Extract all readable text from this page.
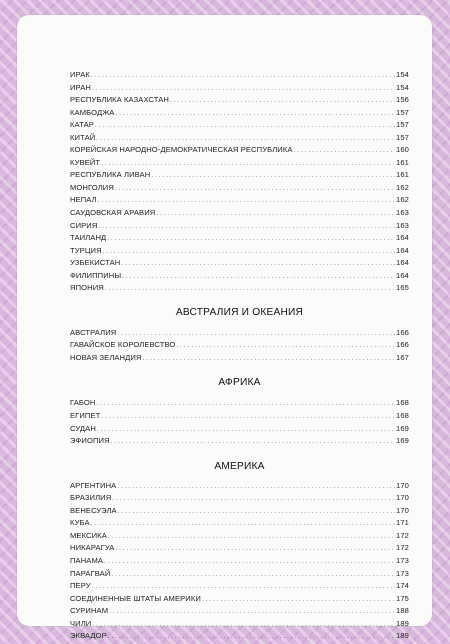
ИРАК . . .	154
ИРАН . . .	154
РЕСПУБЛИКА КАЗАХСТАН . . .	156
КАМБОДЖА . . .	157
КАТАР . . .	157
КИТАЙ . . .	157
КОРЕЙСКАЯ НАРОДНО-ДЕМОКРАТИЧЕСКАЯ РЕСПУБЛИКА . . .	160
КУВЕЙТ . . .	161
РЕСПУБЛИКА ЛИВАН . . .	161
МОНГОЛИЯ . . .	162
НЕПАЛ . . .	162
САУДОВСКАЯ АРАВИЯ . . .	163
СИРИЯ . . .	163
ТАИЛАНД . . .	164
ТУРЦИЯ . . .	164
УЗБЕКИСТАН . . .	164
ФИЛИППИНЫ . . .	164
ЯПОНИЯ . . .	165
АВСТРАЛИЯ И ОКЕАНИЯ
АВСТРАЛИЯ . . .	166
ГАВАЙСКОЕ КОРОЛЕВСТВО . . .	166
НОВАЯ ЗЕЛАНДИЯ . . .	167
АФРИКА
ГАБОН . . .	168
ЕГИПЕТ . . .	168
СУДАН . . .	169
ЭФИОПИЯ . . .	169
АМЕРИКА
АРГЕНТИНА . . .	170
БРАЗИЛИЯ . . .	170
ВЕНЕСУЭЛА . . .	170
КУБА . . .	171
МЕКСИКА . . .	172
НИКАРАГУА . . .	172
ПАНАМА . . .	173
ПАРАГВАЙ . . .	173
ПЕРУ . . .	174
СОЕДИНЕННЫЕ ШТАТЫ АМЕРИКИ . . .	175
СУРИНАМ . . .	188
ЧИЛИ . . .	189
ЭКВАДОР . . .	189
